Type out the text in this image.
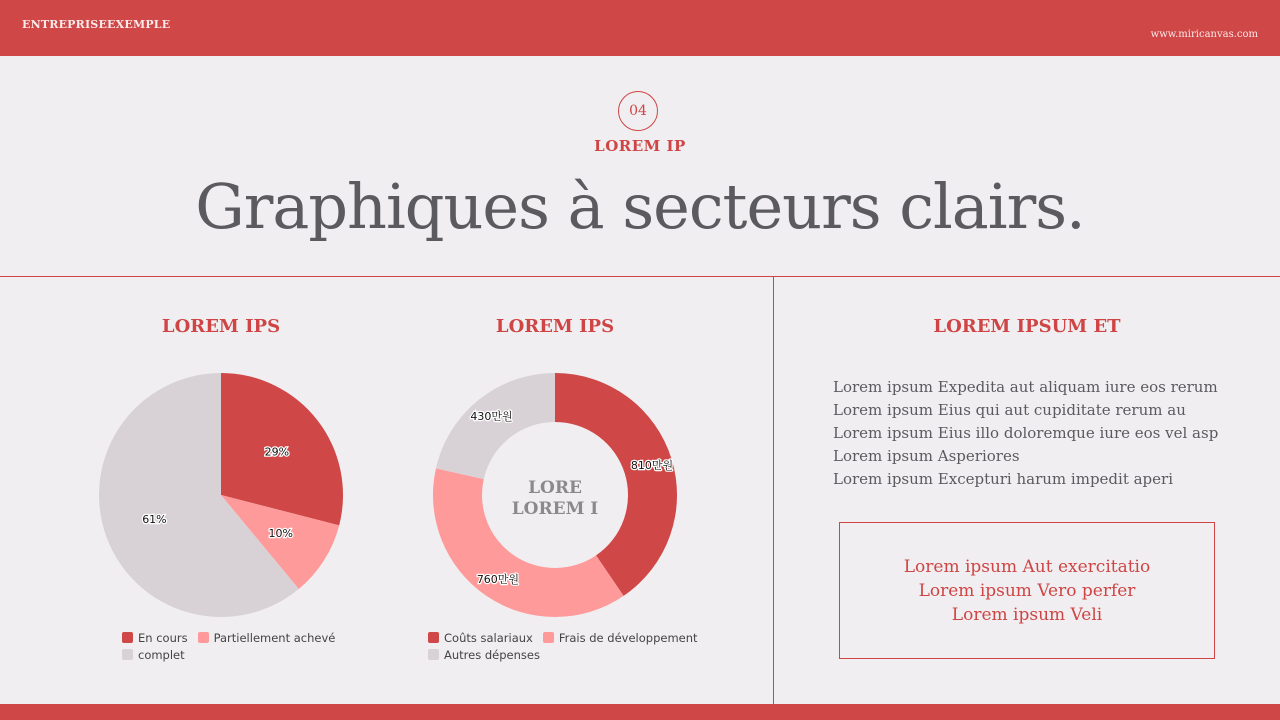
ENTREPRISEEXEMPLE
www.miricanvas.com
04
LOREM IP
Graphiques à secteurs clairs.
LOREM IPS
29%
10%
61%
En cours Partiellement achevé
complet
LOREM IPS
810만원
760만원
430만원
LORE
LOREM I
Coûts salariaux Frais de développement
Autres dépenses
LOREM IPSUM ET
Lorem ipsum Expedita aut aliquam iure eos rerum
Lorem ipsum Eius qui aut cupiditate rerum au
Lorem ipsum Eius illo doloremque iure eos vel asp
Lorem ipsum Asperiores
Lorem ipsum Excepturi harum impedit aperi
Lorem ipsum Aut exercitatio
Lorem ipsum Vero perfer
Lorem ipsum Veli
